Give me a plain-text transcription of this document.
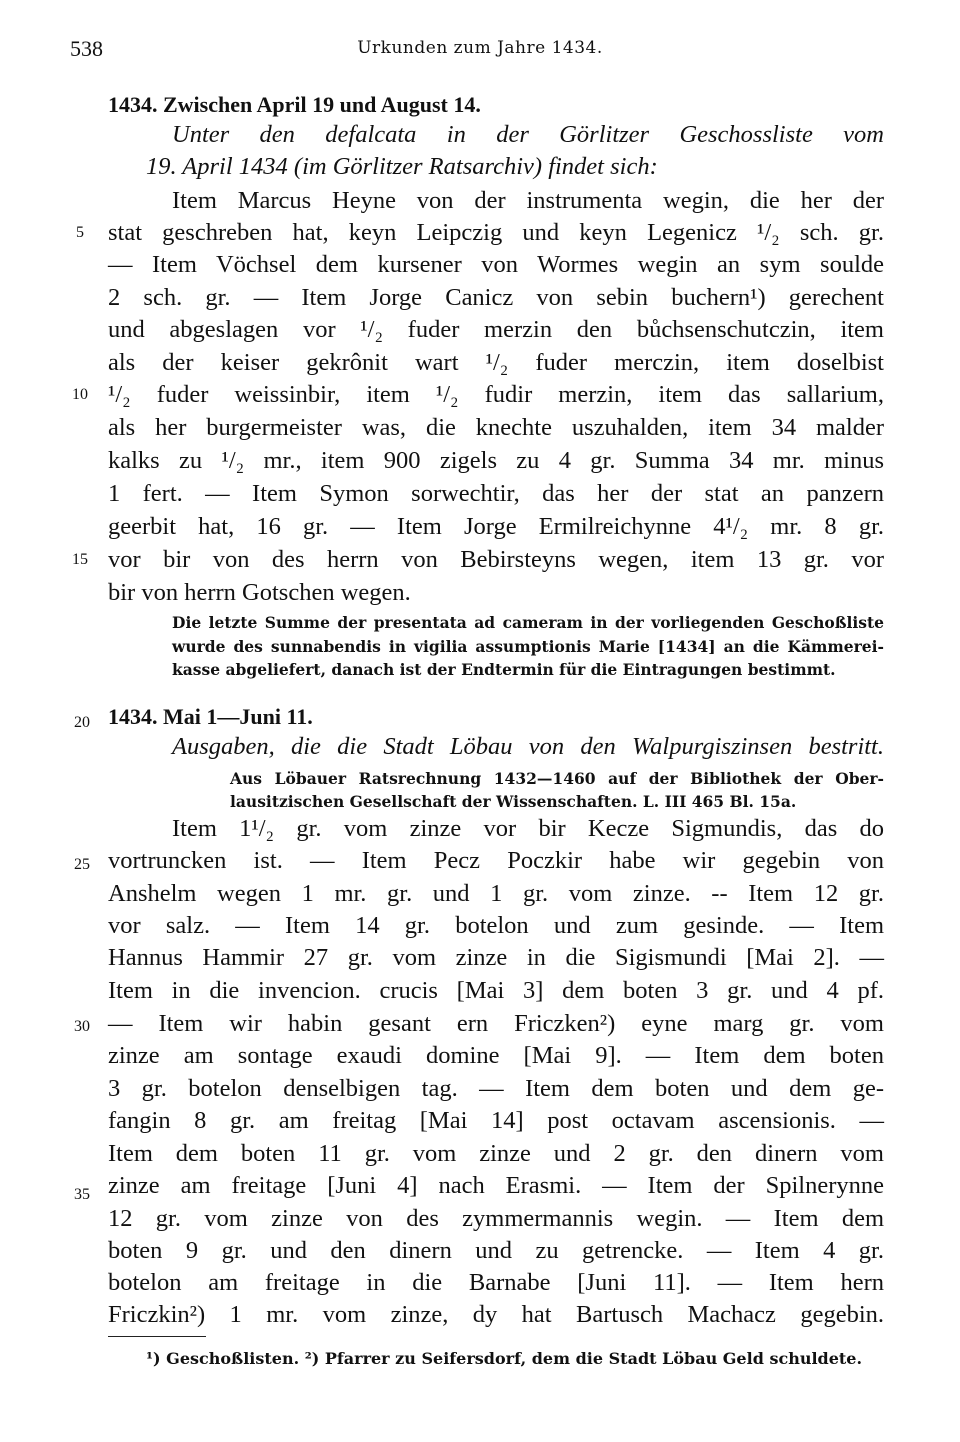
538	Urkunden zum Jahre 1434.
1434. Zwischen April 19 und August 14.
Unter den defalcata in der Görlitzer Geschossliste vom
19. April 1434 (im Görlitzer Ratsarchiv) findet sich:
Item Marcus Heyne von der instrumenta wegin, die her der
stat geschreben hat, keyn Leipczig und keyn Legenicz ¹/₂ sch. gr.
— Item Vöchsel dem kursener von Wormes wegin an sym soulde
2 sch. gr. — Item Jorge Canicz von sebin buchern¹) gerechent
und abgeslagen vor ¹/₂ fuder merzin den bůchsenschutczin, item
als der keiser gekrônit wart ¹/₂ fuder merczin, item doselbist
¹/₂ fuder weissinbir, item ¹/₂ fudir merzin, item das sallarium,
als her burgermeister was, die knechte uszuhalden, item 34 malder
kalks zu ¹/₂ mr., item 900 zigels zu 4 gr. Summa 34 mr. minus
1 fert. — Item Symon sorwechtir, das her der stat an panzern
geerbit hat, 16 gr. — Item Jorge Ermilreichynne 4¹/₂ mr. 8 gr.
vor bir von des herrn von Bebirsteyns wegen, item 13 gr. vor
bir von herrn Gotschen wegen.
Die letzte Summe der presentata ad cameram in der vorliegenden Geschoßliste
wurde des sunnabendis in vigilia assumptionis Marie [1434] an die Kämmerei-
kasse abgeliefert, danach ist der Endtermin für die Eintragungen bestimmt.
1434. Mai 1—Juni 11.
Ausgaben, die die Stadt Löbau von den Walpurgiszinsen bestritt.
Aus Löbauer Ratsrechnung 1432—1460 auf der Bibliothek der Ober-
lausitzischen Gesellschaft der Wissenschaften. L. III 465 Bl. 15a.
Item 1¹/₂ gr. vom zinze vor bir Kecze Sigmundis, das do
vortruncken ist. — Item Pecz Poczkir habe wir gegebin von
Anshelm wegen 1 mr. gr. und 1 gr. vom zinze. -- Item 12 gr.
vor salz. — Item 14 gr. botelon und zum gesinde. — Item
Hannus Hammir 27 gr. vom zinze in die Sigismundi [Mai 2]. —
Item in die invencion. crucis [Mai 3] dem boten 3 gr. und 4 pf.
— Item wir habin gesant ern Friczken²) eyne marg gr. vom
zinze am sontage exaudi domine [Mai 9]. — Item dem boten
3 gr. botelon denselbigen tag. — Item dem boten und dem ge-
fangin 8 gr. am freitag [Mai 14] post octavam ascensionis. —
Item dem boten 11 gr. vom zinze und 2 gr. den dinern vom
zinze am freitage [Juni 4] nach Erasmi. — Item der Spilnerynne
12 gr. vom zinze von des zymmermannis wegin. — Item dem
boten 9 gr. und den dinern und zu getrencke. — Item 4 gr.
botelon am freitage in die Barnabe [Juni 11]. — Item hern
Friczkin²) 1 mr. vom zinze, dy hat Bartusch Machacz gegebin.
5
10
15
20
25
30
35
¹) Geschoßlisten. ²) Pfarrer zu Seifersdorf, dem die Stadt Löbau Geld schuldete.
